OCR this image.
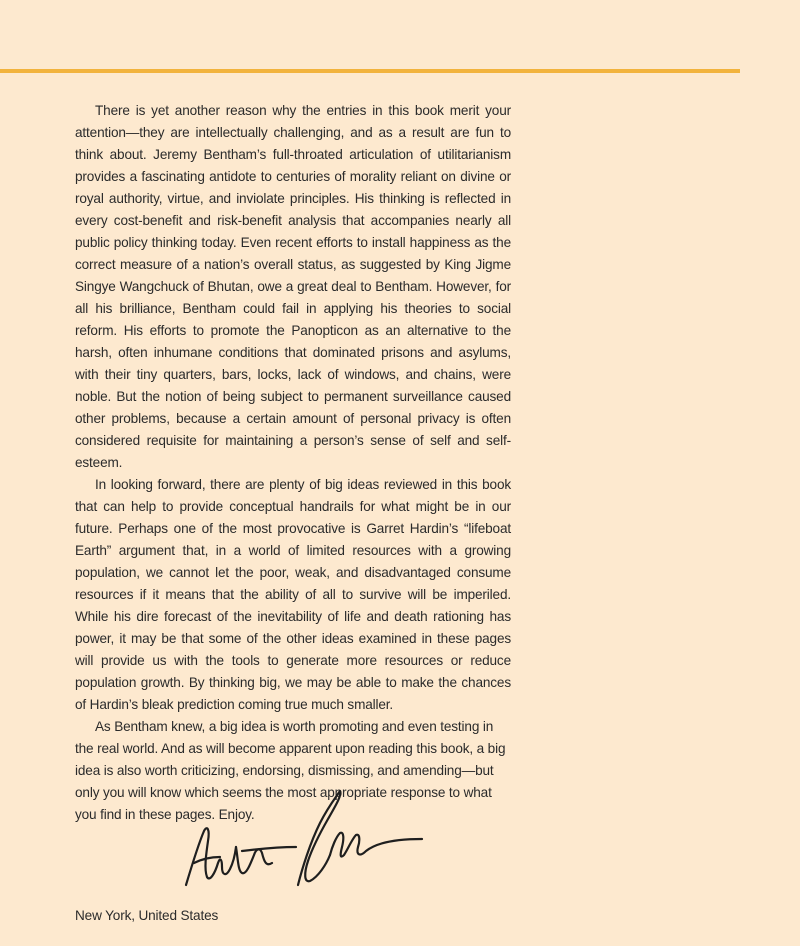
There is yet another reason why the entries in this book merit your attention—they are intellectually challenging, and as a result are fun to think about. Jeremy Bentham’s full-throated articulation of utilitarianism provides a fascinating antidote to centuries of morality reliant on divine or royal authority, virtue, and inviolate principles. His thinking is reflected in every cost-benefit and risk-benefit analysis that accompanies nearly all public policy thinking today. Even recent efforts to install happiness as the correct measure of a nation’s overall status, as suggested by King Jigme Singye Wangchuck of Bhutan, owe a great deal to Bentham. However, for all his brilliance, Bentham could fail in applying his theories to social reform. His efforts to promote the Panopticon as an alternative to the harsh, often inhumane conditions that dominated prisons and asylums, with their tiny quarters, bars, locks, lack of windows, and chains, were noble. But the notion of being subject to permanent surveillance caused other problems, because a certain amount of personal privacy is often considered requisite for maintaining a person’s sense of self and self-esteem.

In looking forward, there are plenty of big ideas reviewed in this book that can help to provide conceptual handrails for what might be in our future. Perhaps one of the most provocative is Garret Hardin’s “lifeboat Earth” argument that, in a world of limited resources with a growing population, we cannot let the poor, weak, and disadvantaged consume resources if it means that the ability of all to survive will be imperiled. While his dire forecast of the inevitability of life and death rationing has power, it may be that some of the other ideas examined in these pages will provide us with the tools to generate more resources or reduce population growth. By thinking big, we may be able to make the chances of Hardin’s bleak prediction coming true much smaller.

As Bentham knew, a big idea is worth promoting and even testing in the real world. And as will become apparent upon reading this book, a big idea is also worth criticizing, endorsing, dismissing, and amending—but only you will know which seems the most appropriate response to what you find in these pages. Enjoy.

New York, United States
